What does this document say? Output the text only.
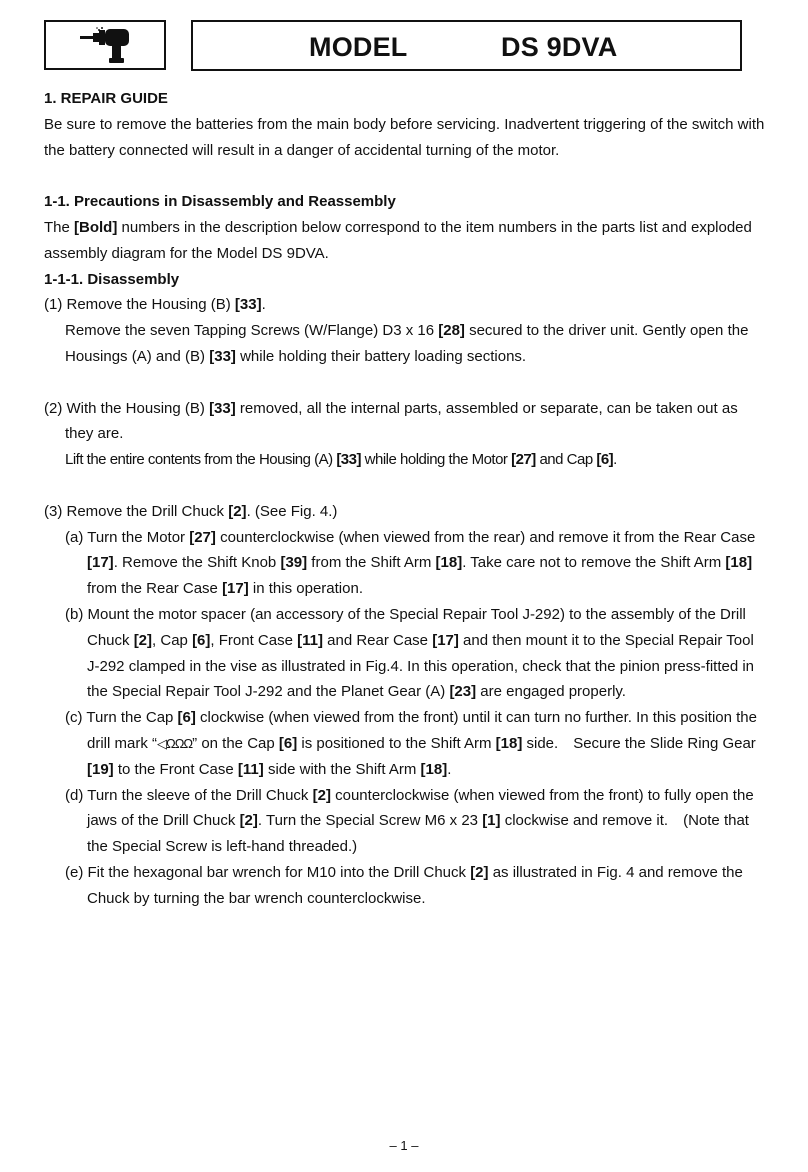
MODEL	DS 9DVA

1. REPAIR GUIDE

Be sure to remove the batteries from the main body before servicing. Inadvertent triggering of the switch with the battery connected will result in a danger of accidental turning of the motor.

1-1. Precautions in Disassembly and Reassembly

The [Bold] numbers in the description below correspond to the item numbers in the parts list and exploded assembly diagram for the Model DS 9DVA.

1-1-1. Disassembly

(1) Remove the Housing (B) [33].

Remove the seven Tapping Screws (W/Flange) D3 x 16 [28] secured to the driver unit. Gently open the Housings (A) and (B) [33] while holding their battery loading sections.

(2) With the Housing (B) [33] removed, all the internal parts, assembled or separate, can be taken out as they are.

Lift the entire contents from the Housing (A) [33] while holding the Motor [27] and Cap [6].

(3) Remove the Drill Chuck [2]. (See Fig. 4.)

(a) Turn the Motor [27] counterclockwise (when viewed from the rear) and remove it from the Rear Case [17]. Remove the Shift Knob [39] from the Shift Arm [18]. Take care not to remove the Shift Arm [18] from the Rear Case [17] in this operation.

(b) Mount the motor spacer (an accessory of the Special Repair Tool J-292) to the assembly of the Drill Chuck [2], Cap [6], Front Case [11] and Rear Case [17] and then mount it to the Special Repair Tool J-292 clamped in the vise as illustrated in Fig.4. In this operation, check that the pinion press-fitted in the Special Repair Tool J-292 and the Planet Gear (A) [23] are engaged properly.

(c) Turn the Cap [6] clockwise (when viewed from the front) until it can turn no further. In this position the drill mark “◁ΩΩΩ” on the Cap [6] is positioned to the Shift Arm [18] side.　Secure the Slide Ring Gear [19] to the Front Case [11] side with the Shift Arm [18].

(d) Turn the sleeve of the Drill Chuck [2] counterclockwise (when viewed from the front) to fully open the jaws of the Drill Chuck [2]. Turn the Special Screw M6 x 23 [1] clockwise and remove it.　(Note that the Special Screw is left-hand threaded.)

(e) Fit the hexagonal bar wrench for M10 into the Drill Chuck [2] as illustrated in Fig. 4 and remove the Chuck by turning the bar wrench counterclockwise.

– 1 –
